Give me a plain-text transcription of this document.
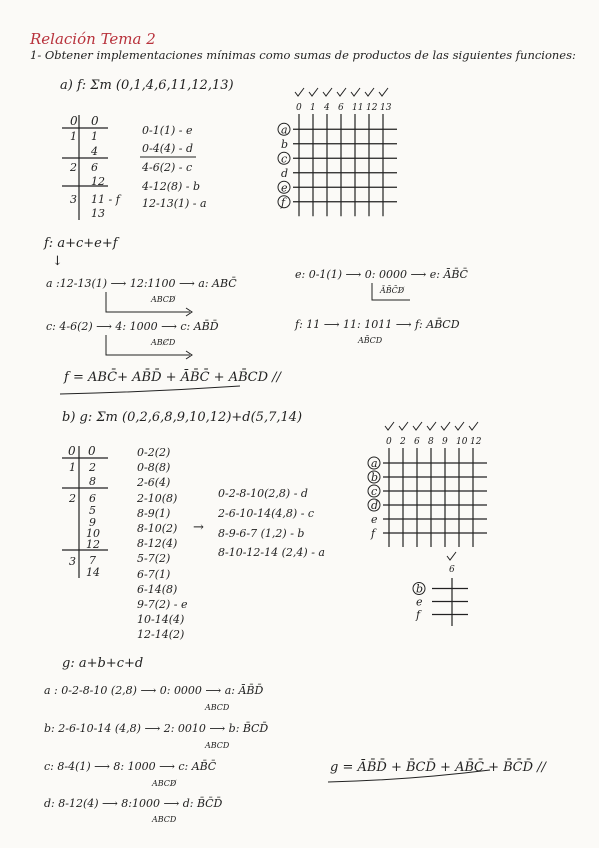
Relación Tema 2
1- Obtener implementaciones mínimas como sumas de productos de las siguientes funciones:
a) f: Σm (0,1,4,6,11,12,13)
0 0
1 1
4
2 6
12
3 11 - f
13
0-1(1) - e
0-4(4) - d
4-6(2) - c
4-12(8) - b
12-13(1) - a
0 1 4 6 11 12 13
a
b
c
d
e
f
f: a+c+e+f
↓
a :12-13(1) ⟶ 12:1100 ⟶ a: ABC̄
ABCD̸
c: 4-6(2) ⟶ 4: 1000 ⟶ c: AB̄D̄
ABC̸D
e: 0-1(1) ⟶ 0: 0000 ⟶ e: ĀB̄C̄
ĀB̄C̄D̸
f: 11 ⟶ 11: 1011 ⟶ f: AB̄CD
AB̄CD
f = ABC̄+ AB̄D̄ + ĀB̄C̄ + AB̄CD //
b) g: Σm (0,2,6,8,9,10,12)+d(5,7,14)
0 0
1 2
8
2 6
5
9
10
12
3 7
14
0-2(2)
0-8(8)
2-6(4)
2-10(8)
8-9(1)
8-10(2)
8-12(4)
5-7(2)
6-7(1)
6-14(8)
9-7(2) - e
10-14(4)
12-14(2)
→
0-2-8-10(2,8) - d
2-6-10-14(4,8) - c
8-9-6-7 (1,2) - b
8-10-12-14 (2,4) - a
0 2 6 8 9 10 12
a
b
c
d
e
f
6
b
e
f
g: a+b+c+d
a : 0-2-8-10 (2,8) ⟶ 0: 0000 ⟶ a: ĀB̄D̄
ABCD
b: 2-6-10-14 (4,8) ⟶ 2: 0010 ⟶ b: B̄CD̄
ABCD
c: 8-4(1) ⟶ 8: 1000 ⟶ c: AB̄C̄
ABCD̸
d: 8-12(4) ⟶ 8:1000 ⟶ d: B̄C̄D̄
ABCD
g = ĀB̄D̄ + B̄CD̄ + AB̄C̄ + B̄C̄D̄ //
